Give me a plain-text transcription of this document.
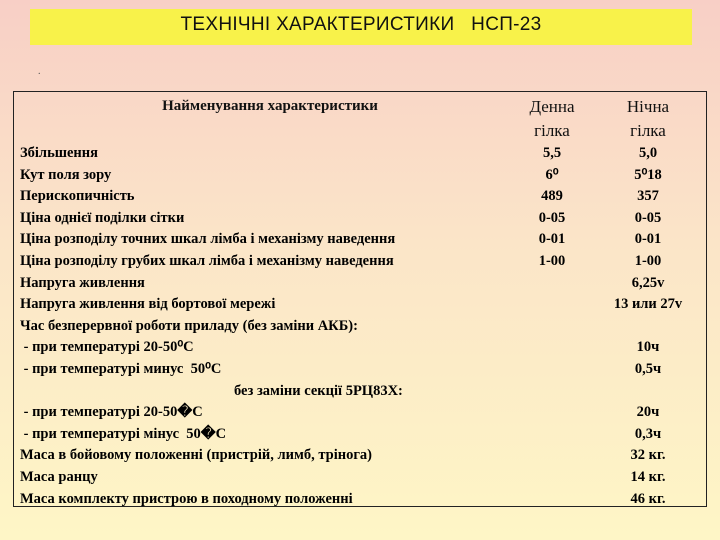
ТЕХНІЧНІ ХАРАКТЕРИСТИКИ   НСП-23
.
Найменування характеристики	Денна
гілка
Нічна
гілка
Збільшення
Кут поля зору
Перископичність
Ціна однієї поділки сітки
Ціна розподілу точних шкал лімба і механізму наведення
Ціна розподілу грубих шкал лімба і механізму наведення
Напруга живлення
Напруга живлення від бортової мережі
Час безперервної роботи приладу (без заміни АКБ):
- при температурі 20-50⁰С
- при температурі минус  50⁰С
без заміни секції 5РЦ83Х:
- при температурі 20-50�С
- при температурі мінус  50�С
Маса в бойовому положенні (пристрій, лимб, трінога)
Маса ранцу
Маса комплекту пристрою в походному положенні
5,5
6⁰
489
0-05
0-01
1-00
5,0
5⁰18
357
0-05
0-01
1-00
6,25v
13 или 27v
10ч
0,5ч
20ч
0,3ч
32 кг.
14 кг.
46 кг.
